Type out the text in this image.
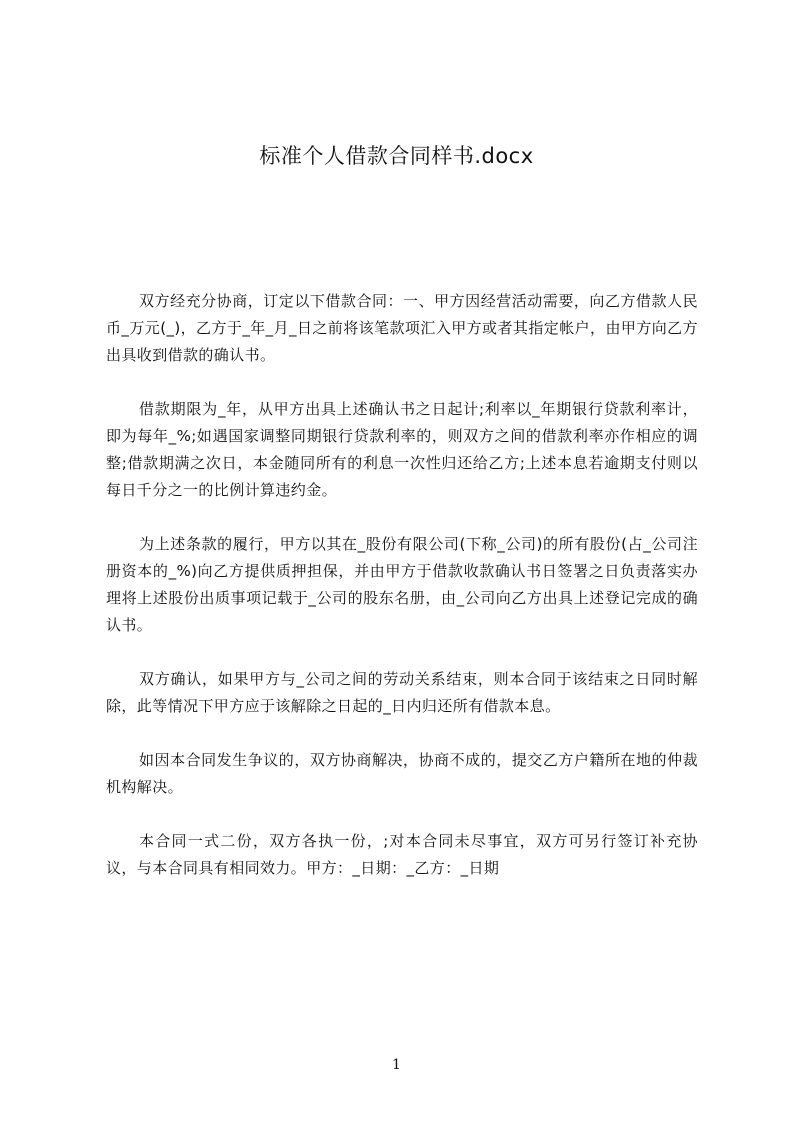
标准个人借款合同样书.docx

双方经充分协商，订定以下借款合同：一、甲方因经营活动需要，向乙方借款人民币_万元(_)，乙方于_年_月_日之前将该笔款项汇入甲方或者其指定帐户，由甲方向乙方出具收到借款的确认书。

借款期限为_年，从甲方出具上述确认书之日起计;利率以_年期银行贷款利率计，即为每年_%;如遇国家调整同期银行贷款利率的，则双方之间的借款利率亦作相应的调整;借款期满之次日，本金随同所有的利息一次性归还给乙方;上述本息若逾期支付则以每日千分之一的比例计算违约金。

为上述条款的履行，甲方以其在_股份有限公司(下称_公司)的所有股份(占_公司注册资本的_%)向乙方提供质押担保，并由甲方于借款收款确认书日签署之日负责落实办理将上述股份出质事项记载于_公司的股东名册，由_公司向乙方出具上述登记完成的确认书。

双方确认，如果甲方与_公司之间的劳动关系结束，则本合同于该结束之日同时解除，此等情况下甲方应于该解除之日起的_日内归还所有借款本息。

如因本合同发生争议的，双方协商解决，协商不成的，提交乙方户籍所在地的仲裁机构解决。

本合同一式二份，双方各执一份，;对本合同未尽事宜，双方可另行签订补充协议，与本合同具有相同效力。甲方：_日期：_乙方：_日期

1
